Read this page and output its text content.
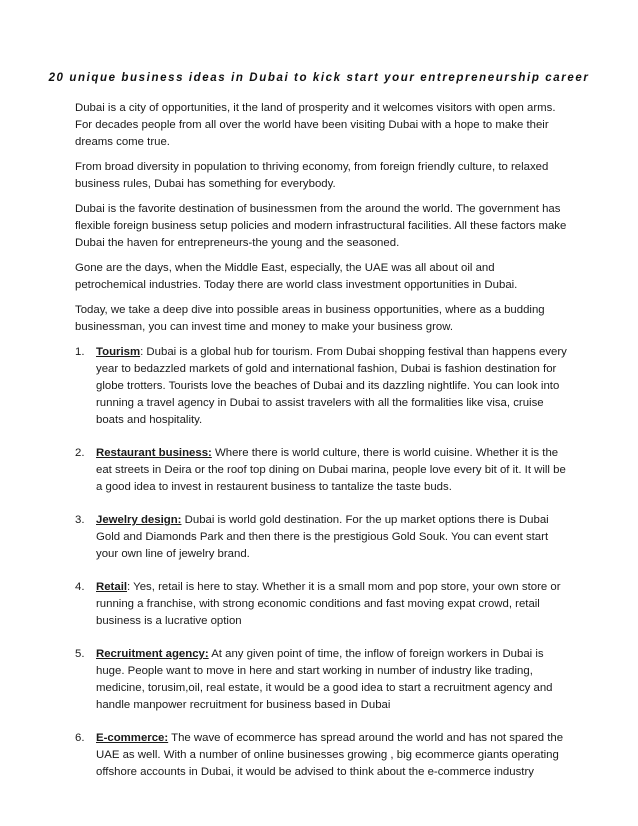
20 unique business ideas in Dubai to kick start your entrepreneurship career

Dubai is a city of opportunities, it the land of prosperity and it welcomes visitors with open arms. For decades people from all over the world have been visiting Dubai with a hope to make their dreams come true.

From broad diversity in population to thriving economy, from foreign friendly culture, to relaxed business rules, Dubai has something for everybody.

Dubai is the favorite destination of businessmen from the around the world. The government has flexible foreign business setup policies and modern infrastructural facilities. All these factors make Dubai the haven for entrepreneurs-the young and the seasoned.

Gone are the days, when the Middle East, especially, the UAE was all about oil and petrochemical industries. Today there are world class investment opportunities in Dubai.

Today, we take a deep dive into possible areas in business opportunities, where as a budding businessman, you can invest time and money to make your business grow.

1. Tourism: Dubai is a global hub for tourism. From Dubai shopping festival than happens every year to bedazzled markets of gold and international fashion, Dubai is fashion destination for globe trotters. Tourists love the beaches of Dubai and its dazzling nightlife. You can look into running a travel agency in Dubai to assist travelers with all the formalities like visa, cruise boats and hospitality.
2. Restaurant business: Where there is world culture, there is world cuisine. Whether it is the eat streets in Deira or the roof top dining on Dubai marina, people love every bit of it. It will be a good idea to invest in restaurent business to tantalize the taste buds.
3. Jewelry design: Dubai is world gold destination. For the up market options there is Dubai Gold and Diamonds Park and then there is the prestigious Gold Souk. You can event start your own line of jewelry brand.
4. Retail: Yes, retail is here to stay. Whether it is a small mom and pop store, your own store or running a franchise, with strong economic conditions and fast moving expat crowd, retail business is a lucrative option
5. Recruitment agency: At any given point of time, the inflow of foreign workers in Dubai is huge. People want to move in here and start working in number of industry like trading, medicine, torusim,oil, real estate, it would be a good idea to start a recruitment agency and handle manpower recruitment for business based in Dubai
6. E-commerce: The wave of ecommerce has spread around the world and has not spared the UAE as well. With a number of online businesses growing , big ecommerce giants operating offshore accounts in Dubai, it would be advised to think about the e-commerce industry
